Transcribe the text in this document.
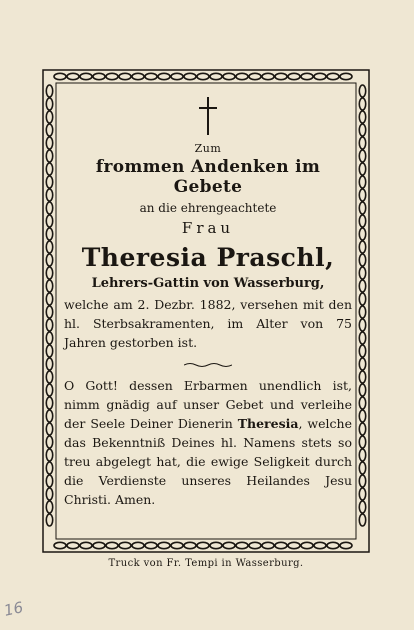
Zum
frommen Andenken im Gebete
an die ehrengeachtete
Frau
Theresia Praschl,
Lehrers-Gattin von Wasserburg,
welche am 2. Dezbr. 1882, versehen mit den hl. Sterbsakramenten, im Alter von 75 Jahren gestorben ist.
O Gott! dessen Erbarmen unendlich ist, nimm gnädig auf unser Gebet und verleihe der Seele Deiner Dienerin Theresia, welche das Bekenntniß Deines hl. Namens stets so treu abgelegt hat, die ewige Seligkeit durch die Verdienste unseres Heilandes Jesu Christi. Amen.
Truck von Fr. Tempi in Wasserburg.
16
